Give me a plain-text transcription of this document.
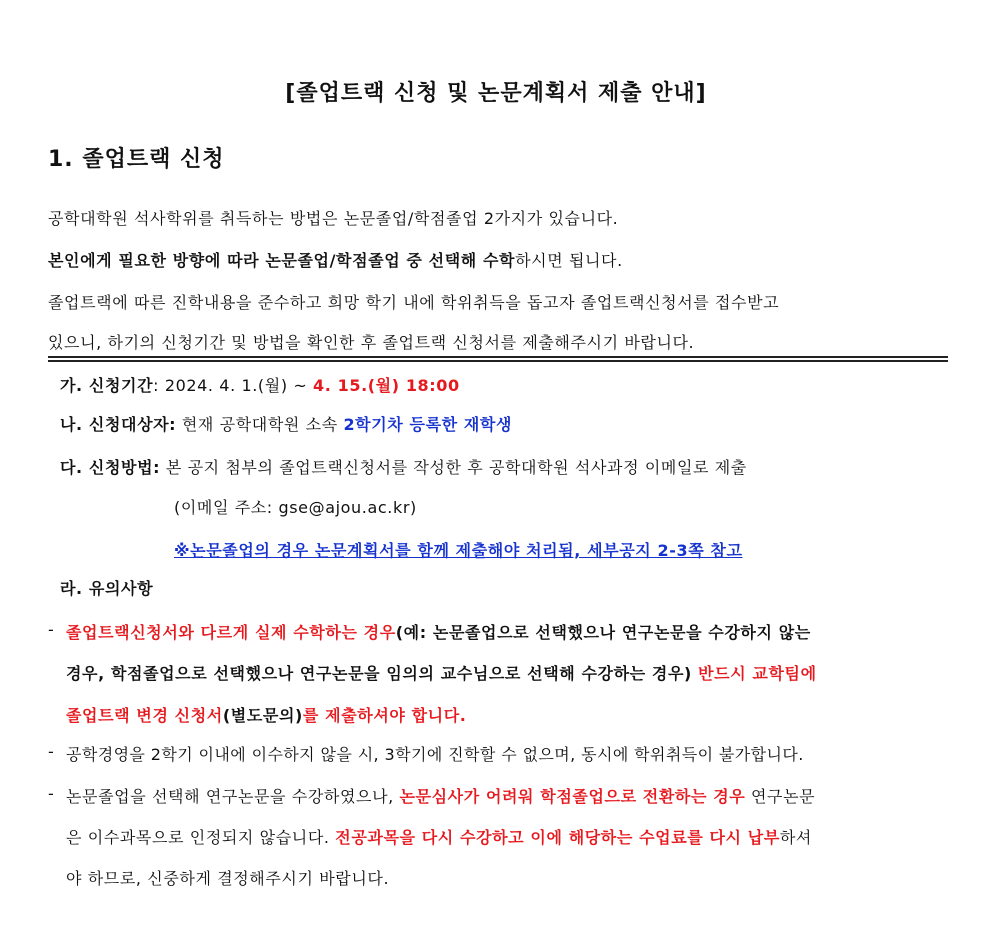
[졸업트랙 신청 및 논문계획서 제출 안내]
1. 졸업트랙 신청
공학대학원 석사학위를 취득하는 방법은 논문졸업/학점졸업 2가지가 있습니다.
본인에게 필요한 방향에 따라 논문졸업/학점졸업 중 선택해 수학하시면 됩니다.
졸업트랙에 따른 진학내용을 준수하고 희망 학기 내에 학위취득을 돕고자 졸업트랙신청서를 접수받고
있으니, 하기의 신청기간 및 방법을 확인한 후 졸업트랙 신청서를 제출해주시기 바랍니다.
가. 신청기간: 2024. 4. 1.(월) ~ 4. 15.(월) 18:00
나. 신청대상자: 현재 공학대학원 소속 2학기차 등록한 재학생
다. 신청방법: 본 공지 첨부의 졸업트랙신청서를 작성한 후 공학대학원 석사과정 이메일로 제출
(이메일 주소: gse@ajou.ac.kr)
※논문졸업의 경우 논문계획서를 함께 제출해야 처리됨, 세부공지 2-3쪽 참고
라. 유의사항
- 졸업트랙신청서와 다르게 실제 수학하는 경우(예: 논문졸업으로 선택했으나 연구논문을 수강하지 않는
경우, 학점졸업으로 선택했으나 연구논문을 임의의 교수님으로 선택해 수강하는 경우) 반드시 교학팀에
졸업트랙 변경 신청서(별도문의)를 제출하셔야 합니다.
- 공학경영을 2학기 이내에 이수하지 않을 시, 3학기에 진학할 수 없으며, 동시에 학위취득이 불가합니다.
- 논문졸업을 선택해 연구논문을 수강하였으나, 논문심사가 어려워 학점졸업으로 전환하는 경우 연구논문
은 이수과목으로 인정되지 않습니다. 전공과목을 다시 수강하고 이에 해당하는 수업료를 다시 납부하셔
야 하므로, 신중하게 결정해주시기 바랍니다.
